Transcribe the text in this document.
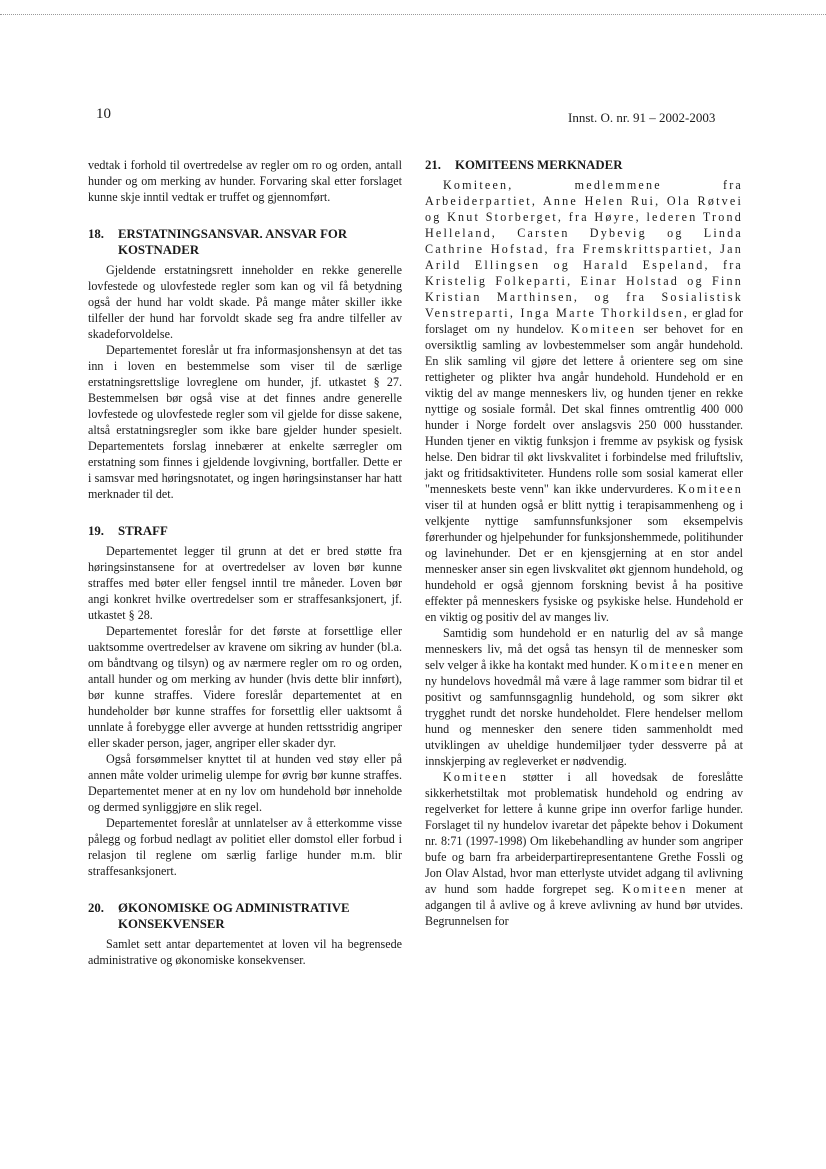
10	Innst. O. nr. 91 – 2002-2003

vedtak i forhold til overtredelse av regler om ro og orden, antall hunder og om merking av hunder. Forvaring skal etter forslaget kunne skje inntil vedtak er truffet og gjennomført.

18.	ERSTATNINGSANSVAR. ANSVAR FOR KOSTNADER

Gjeldende erstatningsrett inneholder en rekke generelle lovfestede og ulovfestede regler som kan og vil få betydning også der hund har voldt skade. På mange måter skiller ikke tilfeller der hund har forvoldt skade seg fra andre tilfeller av skadeforvoldelse.

Departementet foreslår ut fra informasjonshensyn at det tas inn i loven en bestemmelse som viser til de særlige erstatningsrettslige lovreglene om hunder, jf. utkastet § 27. Bestemmelsen bør også vise at det finnes andre generelle lovfestede og ulovfestede regler som vil gjelde for disse sakene, altså erstatningsregler som ikke bare gjelder hunder spesielt. Departementets forslag innebærer at enkelte særregler om erstatning som finnes i gjeldende lovgivning, bortfaller. Dette er i samsvar med høringsnotatet, og ingen høringsinstanser har hatt merknader til det.

19.	STRAFF

Departementet legger til grunn at det er bred støtte fra høringsinstansene for at overtredelser av loven bør kunne straffes med bøter eller fengsel inntil tre måneder. Loven bør angi konkret hvilke overtredelser som er straffesanksjonert, jf. utkastet § 28.

Departementet foreslår for det første at forsettlige eller uaktsomme overtredelser av kravene om sikring av hunder (bl.a. om båndtvang og tilsyn) og av nærmere regler om ro og orden, antall hunder og om merking av hunder (hvis dette blir innført), bør kunne straffes. Videre foreslår departementet at en hundeholder bør kunne straffes for forsettlig eller uaktsomt å unnlate å forebygge eller avverge at hunden rettsstridig angriper eller skader person, jager, angriper eller skader dyr.

Også forsømmelser knyttet til at hunden ved støy eller på annen måte volder urimelig ulempe for øvrig bør kunne straffes. Departementet mener at en ny lov om hundehold bør inneholde og dermed synliggjøre en slik regel.

Departementet foreslår at unnlatelser av å etterkomme visse pålegg og forbud nedlagt av politiet eller domstol eller forbud i relasjon til reglene om særlig farlige hunder m.m. blir straffesanksjonert.

20.	ØKONOMISKE OG ADMINISTRATIVE KONSEKVENSER

Samlet sett antar departementet at loven vil ha begrensede administrative og økonomiske konsekvenser.

21.	KOMITEENS MERKNADER

Komiteen, medlemmene fra Arbeiderpartiet, Anne Helen Rui, Ola Røtvei og Knut Storberget, fra Høyre, lederen Trond Helleland, Carsten Dybevig og Linda Cathrine Hofstad, fra Fremskrittspartiet, Jan Arild Ellingsen og Harald Espeland, fra Kristelig Folkeparti, Einar Holstad og Finn Kristian Marthinsen, og fra Sosialistisk Venstreparti, Inga Marte Thorkildsen, er glad for forslaget om ny hundelov. Komiteen ser behovet for en oversiktlig samling av lovbestemmelser som angår hundehold. En slik samling vil gjøre det lettere å orientere seg om sine rettigheter og plikter hva angår hundehold. Hundehold er en viktig del av mange menneskers liv, og hunden tjener en rekke nyttige og sosiale formål. Det skal finnes omtrentlig 400 000 hunder i Norge fordelt over anslagsvis 250 000 husstander. Hunden tjener en viktig funksjon i fremme av psykisk og fysisk helse. Den bidrar til økt livskvalitet i forbindelse med friluftsliv, jakt og fritidsaktiviteter. Hundens rolle som sosial kamerat eller "menneskets beste venn" kan ikke undervurderes. Komiteen viser til at hunden også er blitt nyttig i terapisammenheng og i velkjente nyttige samfunnsfunksjoner som eksempelvis førerhunder og hjelpehunder for funksjonshemmede, politihunder og lavinehunder. Det er en kjensgjerning at en stor andel mennesker anser sin egen livskvalitet økt gjennom hundehold, og hundehold er også gjennom forskning bevist å ha positive effekter på menneskers fysiske og psykiske helse. Hundehold er en viktig og positiv del av manges liv.

Samtidig som hundehold er en naturlig del av så mange menneskers liv, må det også tas hensyn til de mennesker som selv velger å ikke ha kontakt med hunder. Komiteen mener en ny hundelovs hovedmål må være å lage rammer som bidrar til et positivt og samfunnsgagnlig hundehold, og som sikrer økt trygghet rundt det norske hundeholdet. Flere hendelser mellom hund og mennesker den senere tiden sammenholdt med utviklingen av uheldige hundemiljøer tyder dessverre på at innskjerping av regleverket er nødvendig.

Komiteen støtter i all hovedsak de foreslåtte sikkerhetstiltak mot problematisk hundehold og endring av regelverket for lettere å kunne gripe inn overfor farlige hunder. Forslaget til ny hundelov ivaretar det påpekte behov i Dokument nr. 8:71 (1997-1998) Om likebehandling av hunder som angriper bufe og barn fra arbeiderpartirepresentantene Grethe Fossli og Jon Olav Alstad, hvor man etterlyste utvidet adgang til avlivning av hund som hadde forgrepet seg. Komiteen mener at adgangen til å avlive og å kreve avlivning av hund bør utvides. Begrunnelsen for
